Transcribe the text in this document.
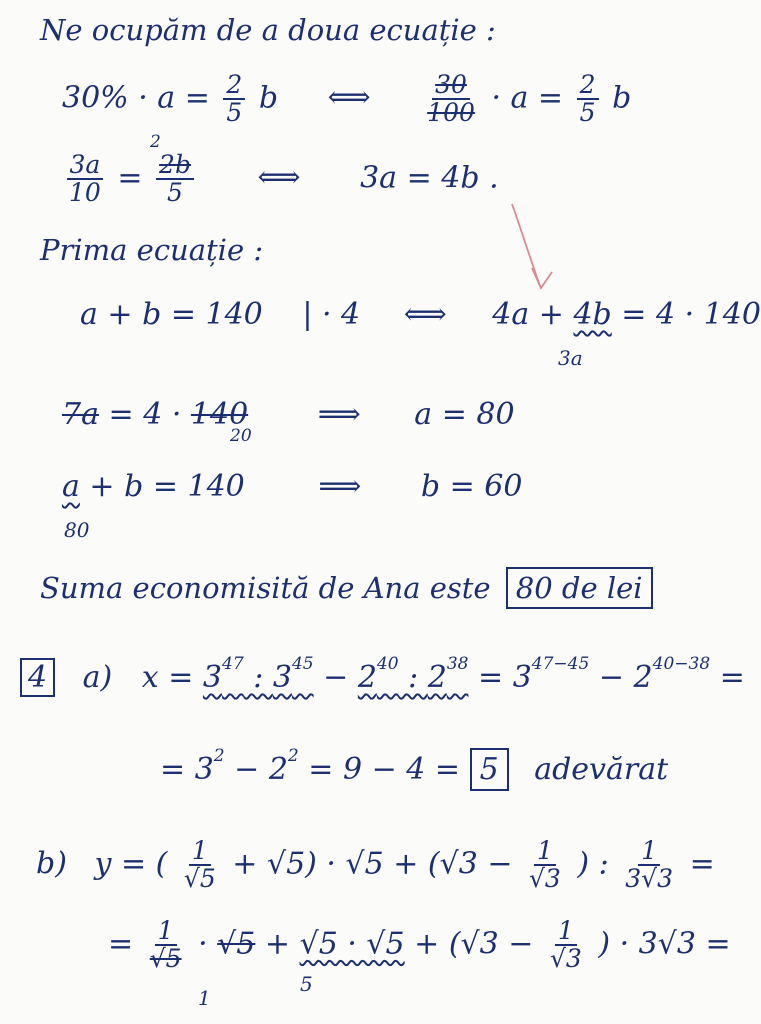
Ne ocupăm de a doua ecuație :
$30\% \cdot a = \frac{2}{5}$ b ⟺ $\frac{30}{100} \cdot a = \frac{2}{5}$ b
$\frac{3a}{10} = 2b$
5
2
⟺ 3a = 4b .
Prima ecuație :
a + b = 140 | · 4 ⟺ 4a + 4b = 4 · 140
3a
7a = 4 · 140 ⟹ a = 80
20
a + b = 140 ⟹ b = 60
80
Suma economisită de Ana este 80 de lei
4 a) $x = 3^{47}$ : $3^{45} - 2^{40}$ : $2^{38} = 3^{47-45} - 2^{40-38}$ =
= $3^2 - 2^2 = 9 - 4 = 5$ adevărat
b) y = ( $\frac{1}{√5} + √5) \cdot √5 + (√3 - \frac{1}{√3}$ ) : $\frac{1}{3√3}$ =
= $\frac{1}{√5} \cdot √5 + √5 \cdot √5 + (√3 - \frac{1}{√3}$ ) · 3√3 =
1
5
